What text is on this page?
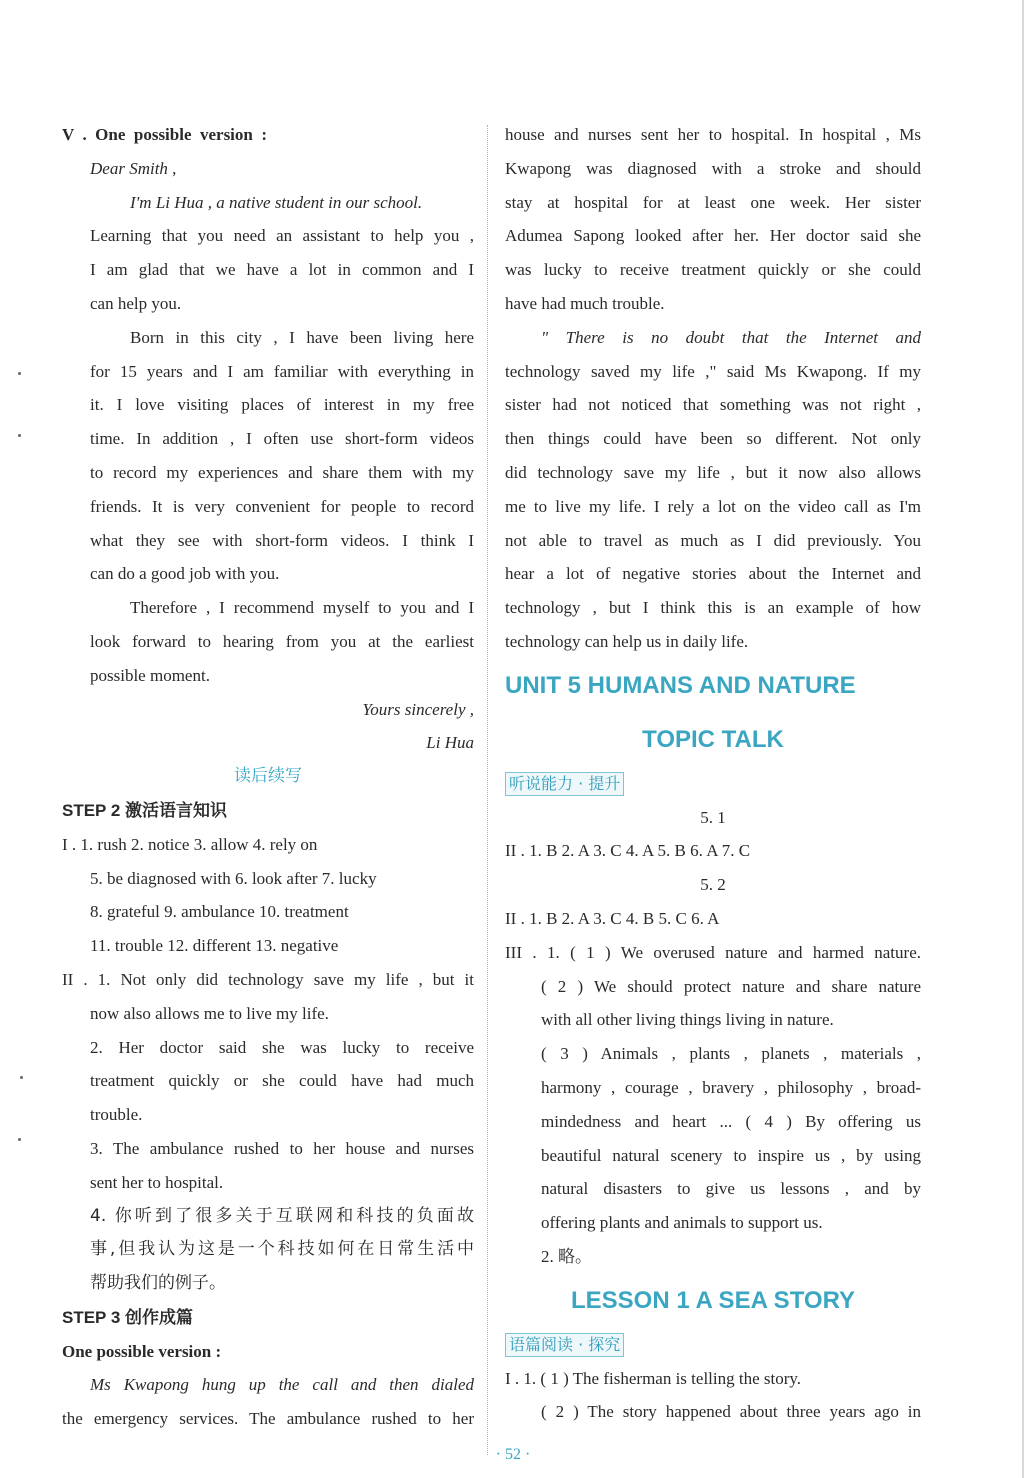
V . One possible version :
Dear Smith ,
I'm Li Hua , a native student in our school.
Learning that you need an assistant to help you ,
I am glad that we have a lot in common and I
can help you.
Born in this city , I have been living here
for 15 years and I am familiar with everything in
it. I love visiting places of interest in my free
time. In addition , I often use short-form videos
to record my experiences and share them with my
friends. It is very convenient for people to record
what they see with short-form videos. I think I
can do a good job with you.
Therefore , I recommend myself to you and I
look forward to hearing from you at the earliest
possible moment.
Yours sincerely ,
Li Hua
读后续写
STEP 2 激活语言知识
I . 1. rush 2. notice 3. allow 4. rely on
5. be diagnosed with 6. look after 7. lucky
8. grateful 9. ambulance 10. treatment
11. trouble 12. different 13. negative
II . 1. Not only did technology save my life , but it
now also allows me to live my life.
2. Her doctor said she was lucky to receive
treatment quickly or she could have had much
trouble.
3. The ambulance rushed to her house and nurses
sent her to hospital.
4. 你听到了很多关于互联网和科技的负面故
事,但我认为这是一个科技如何在日常生活中
帮助我们的例子。
STEP 3 创作成篇
One possible version :
Ms Kwapong hung up the call and then dialed
the emergency services. The ambulance rushed to her
house and nurses sent her to hospital. In hospital , Ms
Kwapong was diagnosed with a stroke and should
stay at hospital for at least one week. Her sister
Adumea Sapong looked after her. Her doctor said she
was lucky to receive treatment quickly or she could
have had much trouble.
" There is no doubt that the Internet and
technology saved my life ," said Ms Kwapong. If my
sister had not noticed that something was not right ,
then things could have been so different. Not only
did technology save my life , but it now also allows
me to live my life. I rely a lot on the video call as I'm
not able to travel as much as I did previously. You
hear a lot of negative stories about the Internet and
technology , but I think this is an example of how
technology can help us in daily life.
UNIT 5 HUMANS AND NATURE
TOPIC TALK
听说能力 · 提升
5. 1
II . 1. B 2. A 3. C 4. A 5. B 6. A 7. C
5. 2
II . 1. B 2. A 3. C 4. B 5. C 6. A
III . 1. ( 1 ) We overused nature and harmed nature.
( 2 ) We should protect nature and share nature
with all other living things living in nature.
( 3 ) Animals , plants , planets , materials ,
harmony , courage , bravery , philosophy , broad-
mindedness and heart ... ( 4 ) By offering us
beautiful natural scenery to inspire us , by using
natural disasters to give us lessons , and by
offering plants and animals to support us.
2. 略。
LESSON 1 A SEA STORY
语篇阅读 · 探究
I . 1. ( 1 ) The fisherman is telling the story.
( 2 ) The story happened about three years ago in
· 52 ·
